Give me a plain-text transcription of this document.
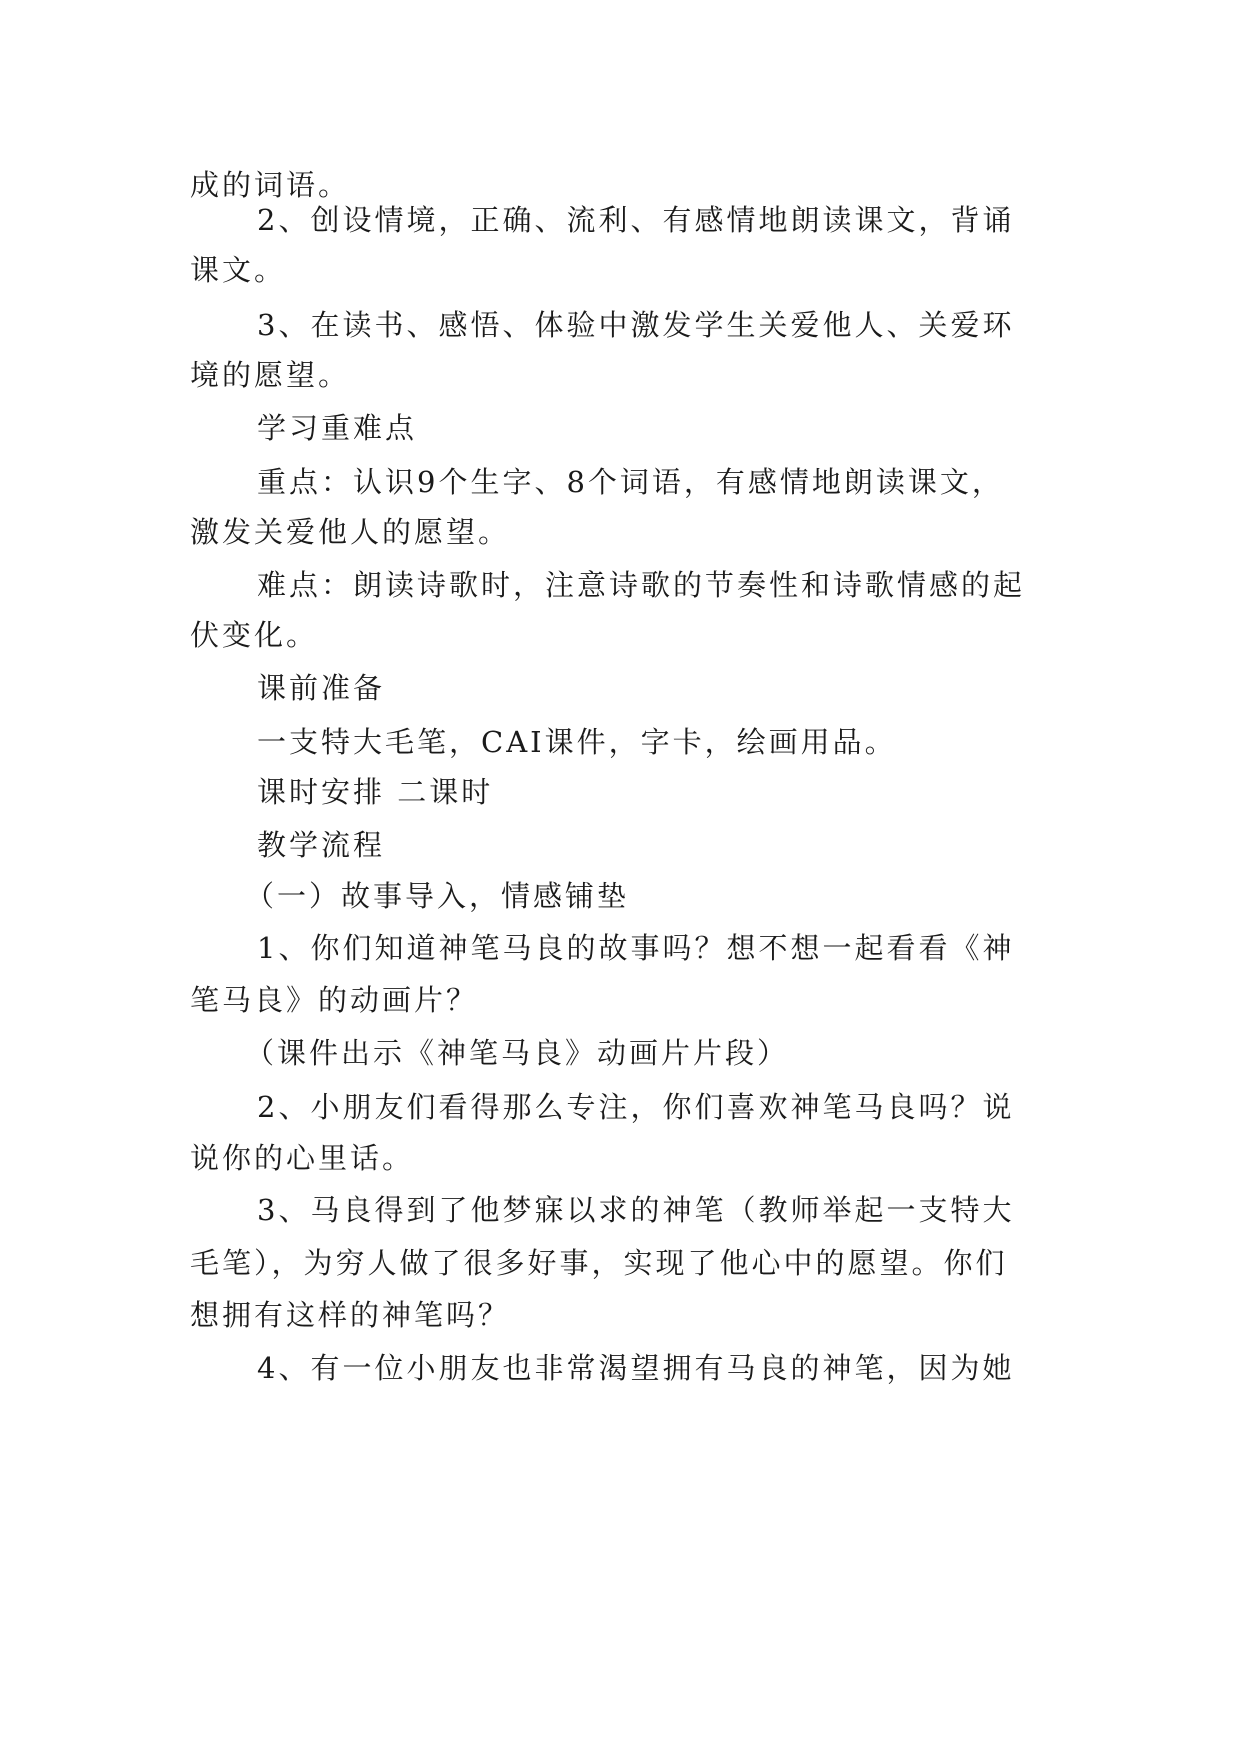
成的词语。
2、创设情境，正确、流利、有感情地朗读课文，背诵
课文。
3、在读书、感悟、体验中激发学生关爱他人、关爱环
境的愿望。
学习重难点
重点：认识9个生字、8个词语，有感情地朗读课文，
激发关爱他人的愿望。
难点：朗读诗歌时，注意诗歌的节奏性和诗歌情感的起
伏变化。
课前准备
一支特大毛笔，CAI课件，字卡，绘画用品。
课时安排 二课时
教学流程
（一）故事导入，情感铺垫
1、你们知道神笔马良的故事吗？想不想一起看看《神
笔马良》的动画片？
（课件出示《神笔马良》动画片片段）
2、小朋友们看得那么专注，你们喜欢神笔马良吗？说
说你的心里话。
3、马良得到了他梦寐以求的神笔（教师举起一支特大
毛笔），为穷人做了很多好事，实现了他心中的愿望。你们
想拥有这样的神笔吗？
4、有一位小朋友也非常渴望拥有马良的神笔，因为她
